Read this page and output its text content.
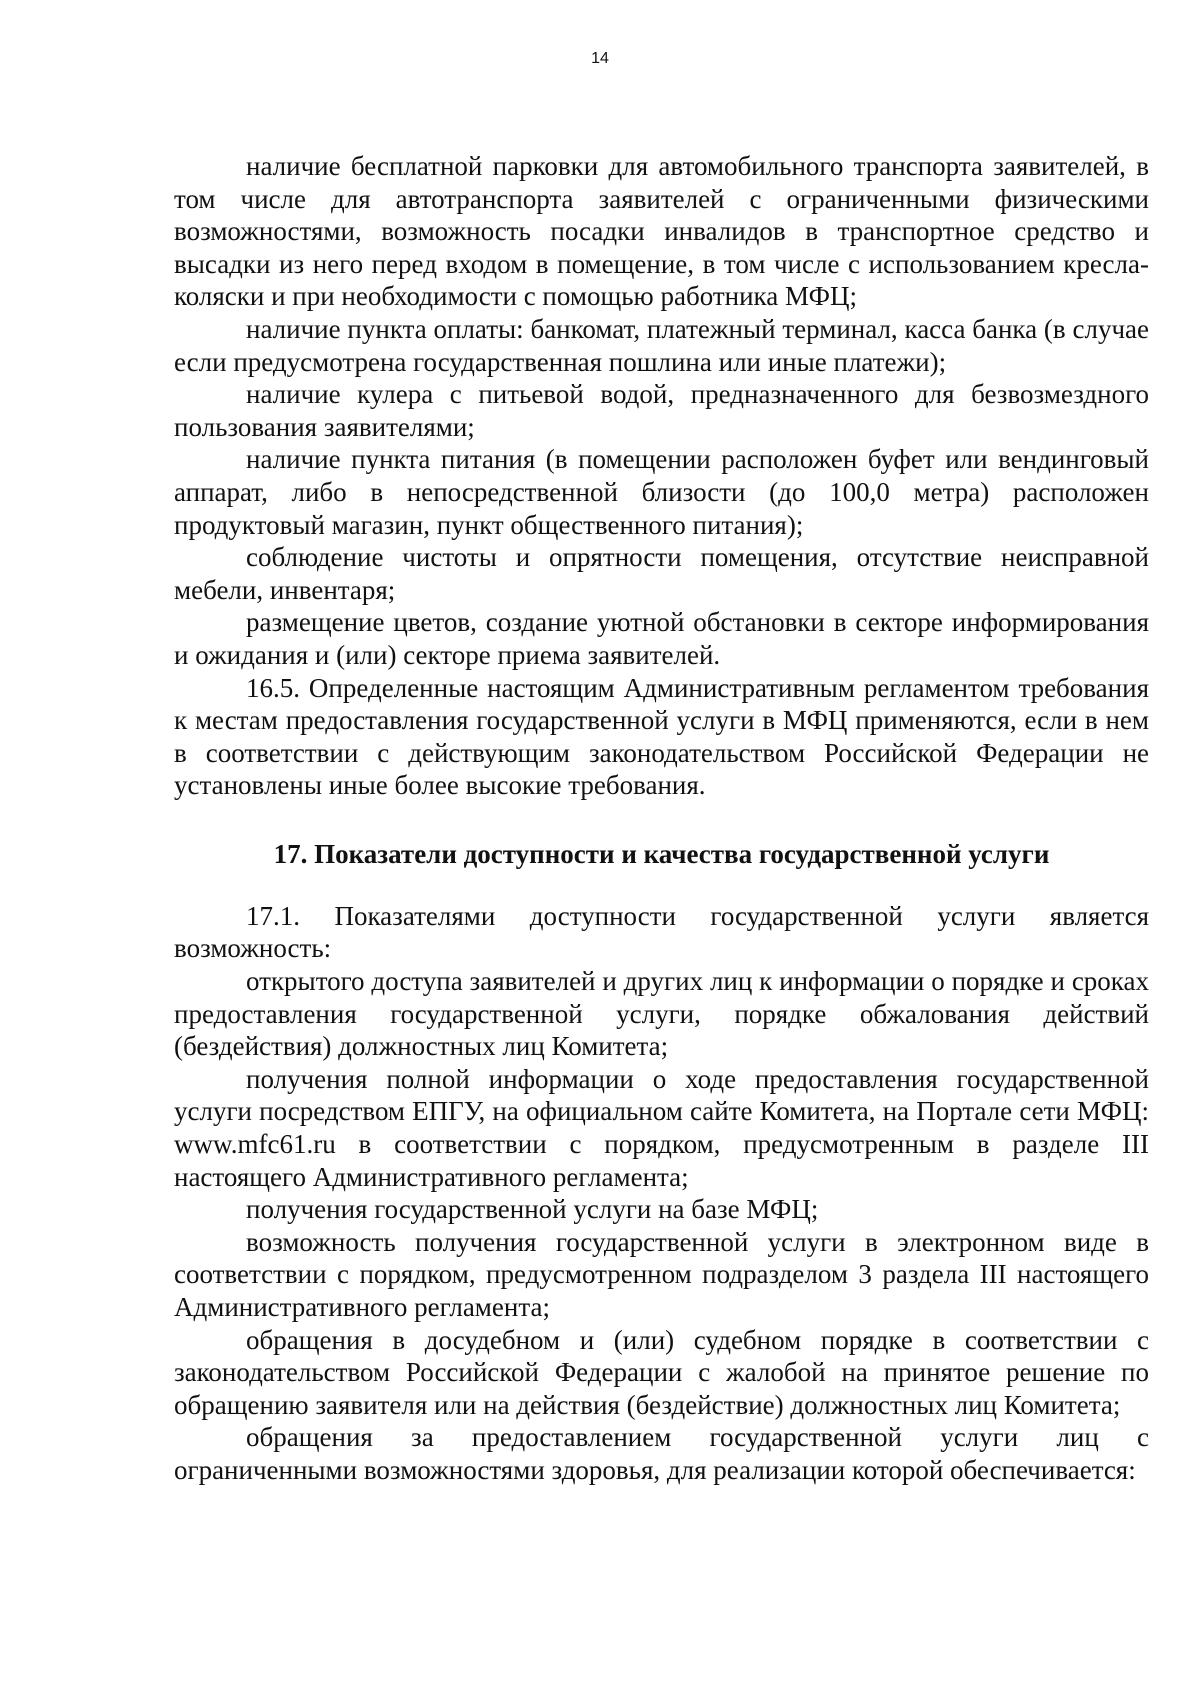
14

наличие бесплатной парковки для автомобильного транспорта заявителей, в том числе для автотранспорта заявителей с ограниченными физическими возможностями, возможность посадки инвалидов в транспортное средство и высадки из него перед входом в помещение, в том числе с использованием кресла-коляски и при необходимости с помощью работника МФЦ;

наличие пункта оплаты: банкомат, платежный терминал, касса банка (в случае если предусмотрена государственная пошлина или иные платежи);

наличие кулера с питьевой водой, предназначенного для безвозмездного пользования заявителями;

наличие пункта питания (в помещении расположен буфет или вендинговый аппарат, либо в непосредственной близости (до 100,0 метра) расположен продуктовый магазин, пункт общественного питания);

соблюдение чистоты и опрятности помещения, отсутствие неисправной мебели, инвентаря;

размещение цветов, создание уютной обстановки в секторе информирования и ожидания и (или) секторе приема заявителей.

16.5. Определенные настоящим Административным регламентом требования к местам предоставления государственной услуги в МФЦ применяются, если в нем в соответствии с действующим законодательством Российской Федерации не установлены иные более высокие требования.

17. Показатели доступности и качества государственной услуги

17.1. Показателями доступности государственной услуги является возможность:

открытого доступа заявителей и других лиц к информации о порядке и сроках предоставления государственной услуги, порядке обжалования действий (бездействия) должностных лиц Комитета;

получения полной информации о ходе предоставления государственной услуги посредством ЕПГУ, на официальном сайте Комитета, на Портале сети МФЦ: www.mfc61.ru в соответствии с порядком, предусмотренным в разделе III настоящего Административного регламента;

получения государственной услуги на базе МФЦ;

возможность получения государственной услуги в электронном виде в соответствии с порядком, предусмотренном подразделом 3 раздела III настоящего Административного регламента;

обращения в досудебном и (или) судебном порядке в соответствии с законодательством Российской Федерации с жалобой на принятое решение по обращению заявителя или на действия (бездействие) должностных лиц Комитета;

обращения за предоставлением государственной услуги лиц с ограниченными возможностями здоровья, для реализации которой обеспечивается:
